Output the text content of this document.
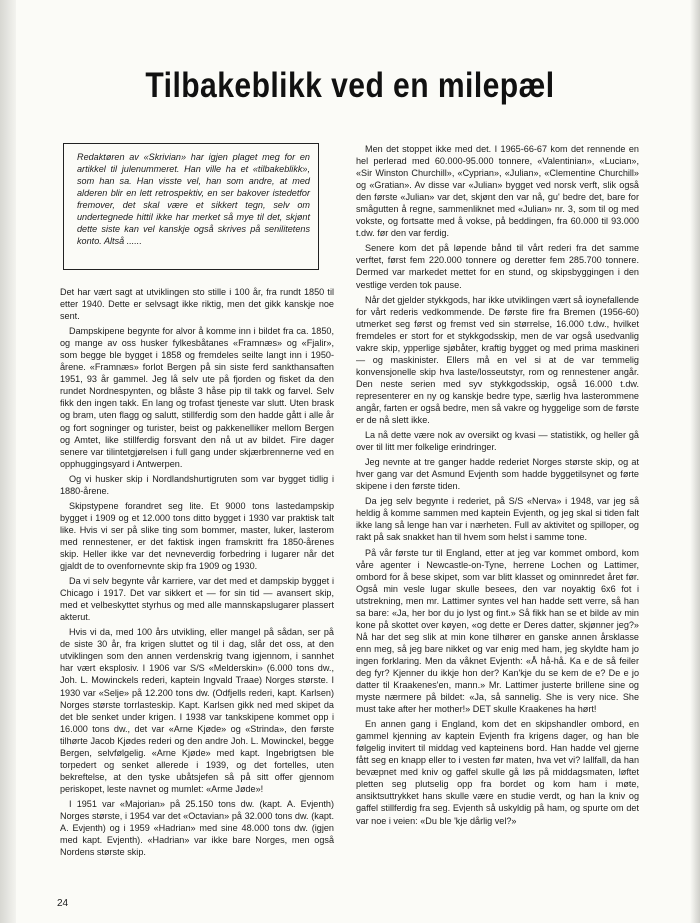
Tilbakeblikk ved en milepæl

Redaktøren av «Skrivian» har igjen plaget meg for en artikkel til julenummeret. Han ville ha et «tilbakeblikk», som han sa. Han visste vel, han som andre, at med alderen blir en lett retrospektiv, en ser bakover istedetfor fremover, det skal være et sikkert tegn, selv om undertegnede hittil ikke har merket så mye til det, skjønt dette siste kan vel kanskje også skrives på senilitetens konto. Altså ......

Det har vært sagt at utviklingen sto stille i 100 år, fra rundt 1850 til etter 1940. Dette er selvsagt ikke riktig, men det gikk kanskje noe sent.

Dampskipene begynte for alvor å komme inn i bildet fra ca. 1850, og mange av oss husker fylkesbåtanes «Framnæs» og «Fjalir», som begge ble bygget i 1858 og fremdeles seilte langt inn i 1950-årene. «Framnæs» forlot Bergen på sin siste ferd sankthansaften 1951, 93 år gammel. Jeg lå selv ute på fjorden og fisket da den rundet Nordnespynten, og blåste 3 håse pip til takk og farvel. Selv fikk den ingen takk. En lang og trofast tjeneste var slutt. Uten brask og bram, uten flagg og salutt, stillferdig som den hadde gått i alle år og fort sogninger og turister, beist og pakkenelliker mellom Bergen og Amtet, like stillferdig forsvant den nå ut av bildet. Fire dager senere var tilintetgjørelsen i full gang under skjærbrennerne ved en opphuggingsyard i Antwerpen.

Og vi husker skip i Nordlandshurtigruten som var bygget tidlig i 1880-årene.

Skipstypene forandret seg lite. Et 9000 tons lastedampskip bygget i 1909 og et 12.000 tons ditto bygget i 1930 var praktisk talt like. Hvis vi ser på slike ting som bommer, master, luker, lasterom med rennestener, er det faktisk ingen framskritt fra 1850-årenes skip. Heller ikke var det nevneverdig forbedring i lugarer når det gjaldt de to ovenfornevnte skip fra 1909 og 1930.

Da vi selv begynte vår karriere, var det med et dampskip bygget i Chicago i 1917. Det var sikkert et — for sin tid — avansert skip, med et velbeskyttet styrhus og med alle mannskapslugarer plassert akterut.

Hvis vi da, med 100 års utvikling, eller mangel på sådan, ser på de siste 30 år, fra krigen sluttet og til i dag, slår det oss, at den utviklingen som den annen verdenskrig tvang igjennom, i sannhet har vært eksplosiv. I 1906 var S/S «Melderskin» (6.000 tons dw., Joh. L. Mowinckels rederi, kaptein Ingvald Traae) Norges største. I 1930 var «Selje» på 12.200 tons dw. (Odfjells rederi, kapt. Karlsen) Norges største torrlasteskip. Kapt. Karlsen gikk ned med skipet da det ble senket under krigen. I 1938 var tankskipene kommet opp i 16.000 tons dw., det var «Arne Kjøde» og «Strinda», den første tilhørte Jacob Kjødes rederi og den andre Joh. L. Mowinckel, begge Bergen, selvfølgelig. «Arne Kjøde» med kapt. Ingebrigtsen ble torpedert og senket allerede i 1939, og det fortelles, uten bekreftelse, at den tyske ubåtsjefen så på sitt offer gjennom periskopet, leste navnet og mumlet: «Arme Jøde»!

I 1951 var «Majorian» på 25.150 tons dw. (kapt. A. Evjenth) Norges største, i 1954 var det «Octavian» på 32.000 tons dw. (kapt. A. Evjenth) og i 1959 «Hadrian» med sine 48.000 tons dw. (igjen med kapt. Evjenth). «Hadrian» var ikke bare Norges, men også Nordens største skip.

Men det stoppet ikke med det. I 1965-66-67 kom det rennende en hel perlerad med 60.000-95.000 tonnere, «Valentinian», «Lucian», «Sir Winston Churchill», «Cyprian», «Julian», «Clementine Churchill» og «Gratian». Av disse var «Julian» bygget ved norsk verft, slik også den første «Julian» var det, skjønt den var nå, gu' bedre det, bare for smågutten å regne, sammenliknet med «Julian» nr. 3, som til og med vokste, og fortsatte med å vokse, på beddingen, fra 60.000 til 93.000 t.dw. før den var ferdig.

Senere kom det på løpende bånd til vårt rederi fra det samme verftet, først fem 220.000 tonnere og deretter fem 285.700 tonnere. Dermed var markedet mettet for en stund, og skipsbyggingen i den vestlige verden tok pause.

Når det gjelder stykkgods, har ikke utviklingen vært så ioynefallende for vårt rederis vedkommende. De første fire fra Bremen (1956-60) utmerket seg først og fremst ved sin størrelse, 16.000 t.dw., hvilket fremdeles er stort for et stykkgodsskip, men de var også usedvanlig vakre skip, ypperlige sjøbåter, kraftig bygget og med prima maskineri — og maskinister. Ellers må en vel si at de var temmelig konvensjonelle skip hva laste/losseutstyr, rom og rennestener angår. Den neste serien med syv stykkgodsskip, også 16.000 t.dw. representerer en ny og kanskje bedre type, særlig hva lasterommene angår, farten er også bedre, men så vakre og hyggelige som de første er de nå slett ikke.

La nå dette være nok av oversikt og kvasi — statistikk, og heller gå over til litt mer folkelige erindringer.

Jeg nevnte at tre ganger hadde rederiet Norges største skip, og at hver gang var det Asmund Evjenth som hadde byggetilsynet og førte skipene i den første tiden.

Da jeg selv begynte i rederiet, på S/S «Nerva» i 1948, var jeg så heldig å komme sammen med kaptein Evjenth, og jeg skal si tiden falt ikke lang så lenge han var i nærheten. Full av aktivitet og spilloper, og rakt på sak snakket han til hvem som helst i samme tone.

På vår første tur til England, etter at jeg var kommet ombord, kom våre agenter i Newcastle-on-Tyne, herrene Lochen og Lattimer, ombord for å bese skipet, som var blitt klasset og ominnredet året før. Også min vesle lugar skulle besees, den var noyaktig 6x6 fot i utstrekning, men mr. Lattimer syntes vel han hadde sett verre, så han sa bare: «Ja, her bor du jo lyst og fint.» Så fikk han se et bilde av min kone på skottet over køyen, «og dette er Deres datter, skjønner jeg?» Nå har det seg slik at min kone tilhører en ganske annen årsklasse enn meg, så jeg bare nikket og var enig med ham, jeg skyldte ham jo ingen forklaring. Men da våknet Evjenth: «Å hå-hå. Ka e de så feiler deg fyr? Kjenner du ikkje hon der? Kan'kje du se kem de e? De e jo datter til Kraakenes'en, mann.» Mr. Lattimer justerte brillene sine og myste nærmere på bildet: «Ja, så sannelig. She is very nice. She must take after her mother!» DET skulle Kraakenes ha hørt!

En annen gang i England, kom det en skipshandler ombord, en gammel kjenning av kaptein Evjenth fra krigens dager, og han ble følgelig invitert til middag ved kapteinens bord. Han hadde vel gjerne fått seg en knapp eller to i vesten før maten, hva vet vi? Iallfall, da han bevæpnet med kniv og gaffel skulle gå løs på middagsmaten, løftet pletten seg plutselig opp fra bordet og kom ham i møte, ansiktsuttrykket hans skulle være en studie verdt, og han la kniv og gaffel stillferdig fra seg. Evjenth så uskyldig på ham, og spurte om det var noe i veien: «Du ble 'kje dårlig vel?»

24
